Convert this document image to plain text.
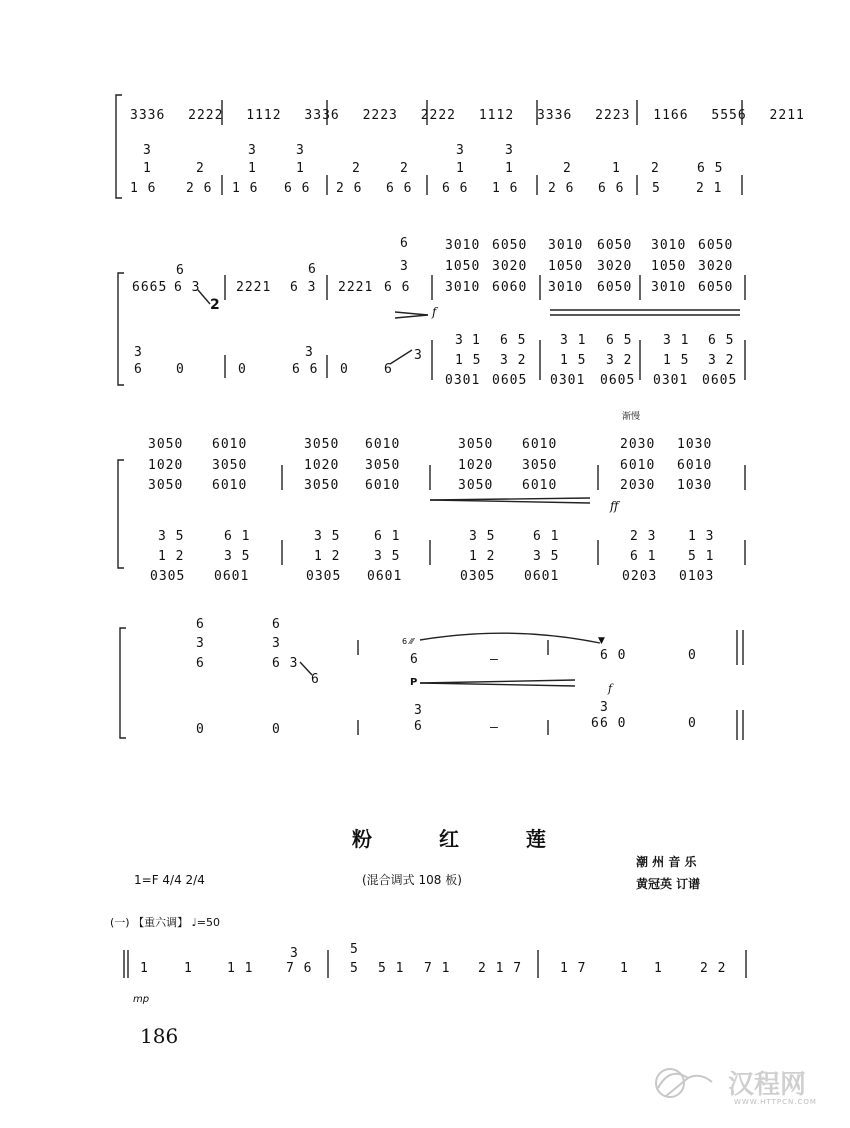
3336 2222 1112 3336 2223 2222 1112 3336 2223 1166 5556 2211
3	3	3	3	3
1	2	1	1	2	2	1	1	2	1 2	6 5
1 6 2 6 1 6 6 6 2 6 6 6 6 6 1 6 2 6 6 6 5	2 1
6
6
3010 6050 3010 6050 3010 6050
6	3	1050 3020 1050 3020 1050 3020
6665 6 3	2221 6 3 2221 6 6	3010 6060 3010 6050 3010 6050
2	f
3 1 6 5	3 1 6 5 3 1 6 5
3	3
1 5 3 2	1 5 3 2 1 5 3 2
6	0	0	6 6 0	6
0301 0605 0301 0605 0301 0605
3
渐慢
3050 6010	3050 6010	3050 6010	2030 1030
1020 3050	1020 3050	1020 3050	6010 6010
3050 6010	3050 6010	3050 6010	2030 1030
ff
3 5	6 1	3 5	6 1	3 5	6 1	2 3 1 3
1 2	3 5	1 2	3 5	1 2	3 5	6 1 5 1
0305 0601	0305 0601	0305 0601	0203 0103
6	6
3	3	6 ⁄⁄⁄
6	6 0	0
▼
6	6 3
6
–
P	f
3	3
0	0	–	6 0	0
6	6
粉 红 莲
1=F 4/4 2/4	(混合调式 108 板)
潮 州 音 乐
黄冠英 订谱
(一) 【重六调】 ♩=50
1	1	1 1	7 6	5 5 1 7 1 2 1 7	1 7	1 1	2 2
5
3
mp
186
汉程网
WWW.HTTPCN.COM
